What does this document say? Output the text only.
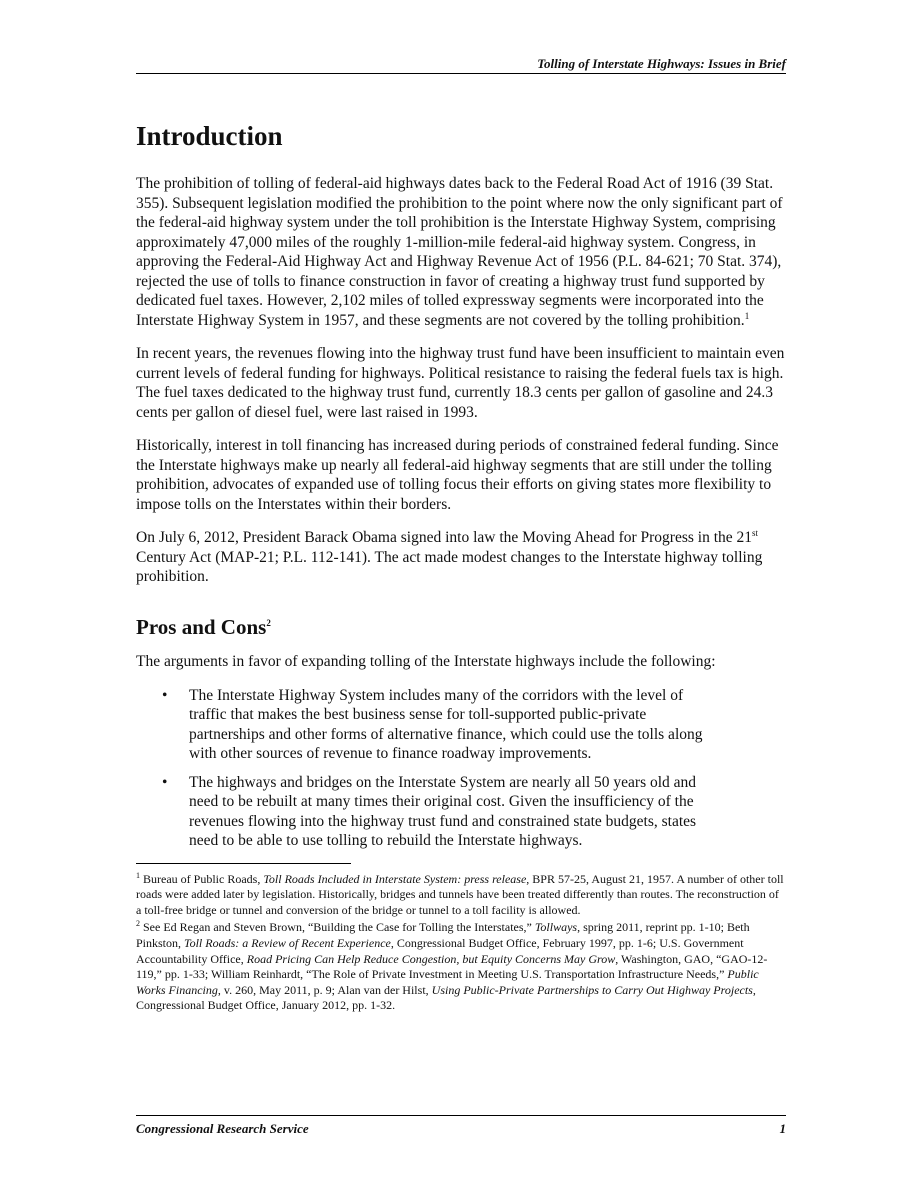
Tolling of Interstate Highways: Issues in Brief
Introduction

The prohibition of tolling of federal-aid highways dates back to the Federal Road Act of 1916 (39 Stat. 355). Subsequent legislation modified the prohibition to the point where now the only significant part of the federal-aid highway system under the toll prohibition is the Interstate Highway System, comprising approximately 47,000 miles of the roughly 1-million-mile federal-aid highway system. Congress, in approving the Federal-Aid Highway Act and Highway Revenue Act of 1956 (P.L. 84-621; 70 Stat. 374), rejected the use of tolls to finance construction in favor of creating a highway trust fund supported by dedicated fuel taxes. However, 2,102 miles of tolled expressway segments were incorporated into the Interstate Highway System in 1957, and these segments are not covered by the tolling prohibition.$^1$

In recent years, the revenues flowing into the highway trust fund have been insufficient to maintain even current levels of federal funding for highways. Political resistance to raising the federal fuels tax is high. The fuel taxes dedicated to the highway trust fund, currently 18.3 cents per gallon of gasoline and 24.3 cents per gallon of diesel fuel, were last raised in 1993.

Historically, interest in toll financing has increased during periods of constrained federal funding. Since the Interstate highways make up nearly all federal-aid highway segments that are still under the tolling prohibition, advocates of expanded use of tolling focus their efforts on giving states more flexibility to impose tolls on the Interstates within their borders.

On July 6, 2012, President Barack Obama signed into law the Moving Ahead for Progress in the 21st Century Act (MAP-21; P.L. 112-141). The act made modest changes to the Interstate highway tolling prohibition.

Pros and Cons$^2$

The arguments in favor of expanding tolling of the Interstate highways include the following:

• The Interstate Highway System includes many of the corridors with the level of traffic that makes the best business sense for toll-supported public-private partnerships and other forms of alternative finance, which could use the tolls along with other sources of revenue to finance roadway improvements.
• The highways and bridges on the Interstate System are nearly all 50 years old and need to be rebuilt at many times their original cost. Given the insufficiency of the revenues flowing into the highway trust fund and constrained state budgets, states need to be able to use tolling to rebuild the Interstate highways.

$^1$ Bureau of Public Roads, Toll Roads Included in Interstate System: press release, BPR 57-25, August 21, 1957. A number of other toll roads were added later by legislation. Historically, bridges and tunnels have been treated differently than routes. The reconstruction of a toll-free bridge or tunnel and conversion of the bridge or tunnel to a toll facility is allowed.

$^2$ See Ed Regan and Steven Brown, “Building the Case for Tolling the Interstates,” Tollways, spring 2011, reprint pp. 1-10; Beth Pinkston, Toll Roads: a Review of Recent Experience, Congressional Budget Office, February 1997, pp. 1-6; U.S. Government Accountability Office, Road Pricing Can Help Reduce Congestion, but Equity Concerns May Grow, Washington, GAO, “GAO-12-119,” pp. 1-33; William Reinhardt, “The Role of Private Investment in Meeting U.S. Transportation Infrastructure Needs,” Public Works Financing, v. 260, May 2011, p. 9; Alan van der Hilst, Using Public-Private Partnerships to Carry Out Highway Projects, Congressional Budget Office, January 2012, pp. 1-32.

Congressional Research Service	1
